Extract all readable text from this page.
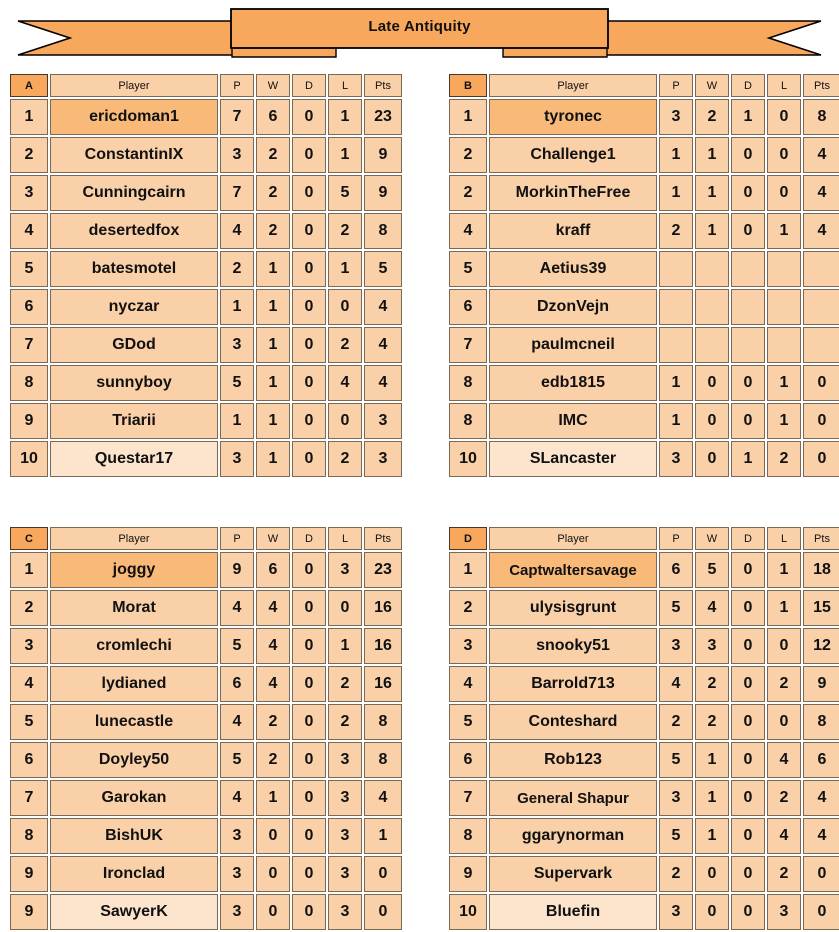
Late Antiquity
A	Player	P	W	D	L	Pts
1	ericdoman1	7	6	0	1	23
2	ConstantinIX	3	2	0	1	9
3	Cunningcairn	7	2	0	5	9
4	desertedfox	4	2	0	2	8
5	batesmotel	2	1	0	1	5
6	nyczar	1	1	0	0	4
7	GDod	3	1	0	2	4
8	sunnyboy	5	1	0	4	4
9	Triarii	1	1	0	0	3
10	Questar17	3	1	0	2	3
B	Player	P	W	D	L	Pts
1	tyronec	3	2	1	0	8
2	Challenge1	1	1	0	0	4
2	MorkinTheFree	1	1	0	0	4
4	kraff	2	1	0	1	4
5	Aetius39					
6	DzonVejn					
7	paulmcneil					
8	edb1815	1	0	0	1	0
8	IMC	1	0	0	1	0
10	SLancaster	3	0	1	2	0
C	Player	P	W	D	L	Pts
1	joggy	9	6	0	3	23
2	Morat	4	4	0	0	16
3	cromlechi	5	4	0	1	16
4	lydianed	6	4	0	2	16
5	lunecastle	4	2	0	2	8
6	Doyley50	5	2	0	3	8
7	Garokan	4	1	0	3	4
8	BishUK	3	0	0	3	1
9	Ironclad	3	0	0	3	0
9	SawyerK	3	0	0	3	0
D	Player	P	W	D	L	Pts
1	Captwaltersavage	6	5	0	1	18
2	ulysisgrunt	5	4	0	1	15
3	snooky51	3	3	0	0	12
4	Barrold713	4	2	0	2	9
5	Conteshard	2	2	0	0	8
6	Rob123	5	1	0	4	6
7	General Shapur	3	1	0	2	4
8	ggarynorman	5	1	0	4	4
9	Supervark	2	0	0	2	0
10	Bluefin	3	0	0	3	0
